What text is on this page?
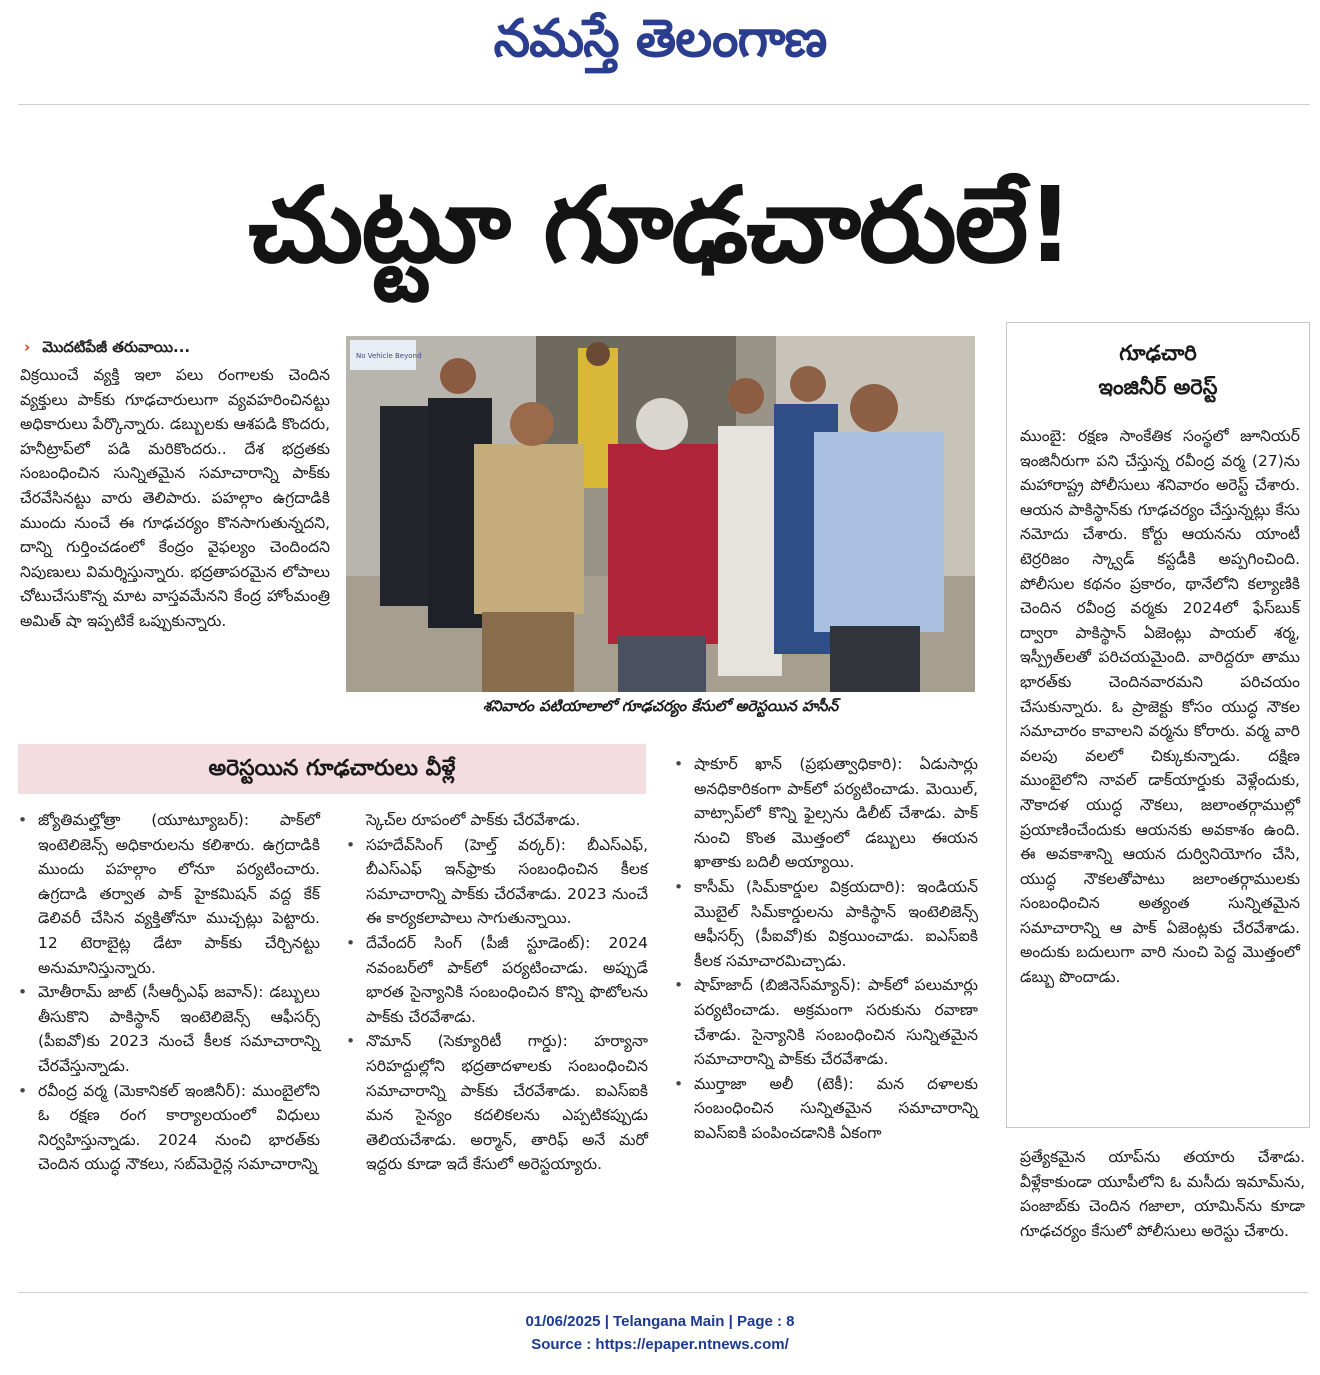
నమస్తే తెలంగాణ
చుట్టూ గూఢచారులే!
› మొదటిపేజీ తరువాయి...
విక్రయించే వ్యక్తి ఇలా పలు రంగాలకు చెందిన వ్యక్తులు పాక్‌కు గూఢచారులుగా వ్యవహరించినట్టు అధికారులు పేర్కొన్నారు. డబ్బులకు ఆశపడి కొందరు, హనీట్రాప్‌లో పడి మరికొందరు.. దేశ భద్రతకు సంబంధించిన సున్నితమైన సమాచారాన్ని పాక్‌కు చేరవేసినట్టు వారు తెలిపారు. పహల్గాం ఉగ్రదాడికి ముందు నుంచే ఈ గూఢచర్యం కొనసాగుతున్నదని, దాన్ని గుర్తించడంలో కేంద్రం వైఫల్యం చెందిందని నిపుణులు విమర్శిస్తున్నారు. భద్రతాపరమైన లోపాలు చోటుచేసుకొన్న మాట వాస్తవమేనని కేంద్ర హోంమంత్రి అమిత్ షా ఇప్పటికే ఒప్పుకున్నారు.
No Vehicle Beyond
శనివారం పటియాలాలో గూఢచర్యం కేసులో అరెస్టయిన హసీన్
గూఢచారి
ఇంజినీర్ అరెస్ట్
ముంబై: రక్షణ సాంకేతిక సంస్థలో జూనియర్ ఇంజినీరుగా పని చేస్తున్న రవీంద్ర వర్మ (27)ను మహారాష్ట్ర పోలీసులు శనివారం అరెస్ట్ చేశారు. ఆయన పాకిస్థాన్‌కు గూఢచర్యం చేస్తున్నట్లు కేసు నమోదు చేశారు. కోర్టు ఆయనను యాంటీ టెర్రరిజం స్క్వాడ్ కస్టడీకి అప్పగించింది. పోలీసుల కథనం ప్రకారం, థానేలోని కల్యాణికి చెందిన రవీంద్ర వర్మకు 2024లో ఫేస్‌బుక్ ద్వారా పాకిస్థాన్ ఏజెంట్లు పాయల్ శర్మ, ఇస్ప్రీత్‌లతో పరిచయమైంది. వారిద్దరూ తాము భారత్‌కు చెందినవారమని పరిచయం చేసుకున్నారు. ఓ ప్రాజెక్టు కోసం యుద్ధ నౌకల సమాచారం కావాలని వర్మను కోరారు. వర్మ వారి వలపు వలలో చిక్కుకున్నాడు. దక్షిణ ముంబైలోని నావల్ డాక్‌యార్డుకు వెళ్లేందుకు, నౌకాదళ యుద్ధ నౌకలు, జలాంతర్గాముల్లో ప్రయాణించేందుకు ఆయనకు అవకాశం ఉంది. ఈ అవకాశాన్ని ఆయన దుర్వినియోగం చేసి, యుద్ధ నౌకలతోపాటు జలాంతర్గాములకు సంబంధించిన అత్యంత సున్నితమైన సమాచారాన్ని ఆ పాక్ ఏజెంట్లకు చేరవేశాడు. అందుకు బదులుగా వారి నుంచి పెద్ద మొత్తంలో డబ్బు పొందాడు.
ప్రత్యేకమైన యాప్‌ను తయారు చేశాడు. వీళ్లేకాకుండా యూపీలోని ఓ మసీదు ఇమామ్‌ను, పంజాబ్‌కు చెందిన గజాలా, యామిన్‌ను కూడా గూఢచర్యం కేసులో పోలీసులు అరెస్టు చేశారు.
అరెస్టయిన గూఢచారులు వీళ్లే
• జ్యోతిమల్హోత్రా (యూట్యూబర్): పాక్‌లో ఇంటెలిజెన్స్ అధికారులను కలిశారు. ఉగ్రదాడికి ముందు పహల్గాం లోనూ పర్యటించారు. ఉగ్రదాడి తర్వాత పాక్ హైకమిషన్ వద్ద కేక్ డెలివరీ చేసిన వ్యక్తితోనూ ముచ్చట్లు పెట్టారు. 12 టెరాబైట్ల డేటా పాక్‌కు చేర్చినట్టు అనుమానిస్తున్నారు.
• మోతీరామ్ జాట్ (సీఆర్పీఎఫ్ జవాన్): డబ్బులు తీసుకొని పాకిస్థాన్ ఇంటెలిజెన్స్ ఆఫీసర్స్ (పీఐవో)కు 2023 నుంచే కీలక సమాచారాన్ని చేరవేస్తున్నాడు.
• రవీంద్ర వర్మ (మెకానికల్ ఇంజినీర్): ముంబైలోని ఓ రక్షణ రంగ కార్యాలయంలో విధులు నిర్వహిస్తున్నాడు. 2024 నుంచి భారత్‌కు చెందిన యుద్ధ నౌకలు, సబ్‌మెరైన్ల సమాచారాన్ని
స్కెచ్‌ల రూపంలో పాక్‌కు చేరవేశాడు.
• సహదేవ్‌సింగ్ (హెల్త్ వర్కర్): బీఎస్ఎఫ్, బీఎస్ఎఫ్ ఇన్‌ఫ్రాకు సంబంధించిన కీలక సమాచారాన్ని పాక్‌కు చేరవేశాడు. 2023 నుంచే ఈ కార్యకలాపాలు సాగుతున్నాయి.
• దేవేందర్ సింగ్ (పీజీ స్టూడెంట్): 2024 నవంబర్‌లో పాక్‌లో పర్యటించాడు. అప్పుడే భారత సైన్యానికి సంబంధించిన కొన్ని ఫొటోలను పాక్‌కు చేరవేశాడు.
• నొమాన్ (సెక్యూరిటీ గార్డు): హర్యానా సరిహద్దుల్లోని భద్రతాదళాలకు సంబంధించిన సమాచారాన్ని పాక్‌కు చేరవేశాడు. ఐఎస్ఐకి మన సైన్యం కదలికలను ఎప్పటికప్పుడు తెలియచేశాడు. అర్మాన్, తారిఫ్ అనే మరో ఇద్దరు కూడా ఇదే కేసులో అరెస్టయ్యారు.
• షాకూర్ ఖాన్ (ప్రభుత్వాధికారి): ఏడుసార్లు అనధికారికంగా పాక్‌లో పర్యటించాడు. మెయిల్, వాట్సాప్‌లో కొన్ని ఫైల్సను డిలీట్ చేశాడు. పాక్ నుంచి కొంత మొత్తంలో డబ్బులు ఈయన ఖాతాకు బదిలీ అయ్యాయి.
• కాసీమ్ (సిమ్‌కార్డుల విక్రయదారి): ఇండియన్ మొబైల్ సిమ్‌కార్డులను పాకిస్థాన్ ఇంటెలిజెన్స్ ఆఫీసర్స్ (పీఐవో)కు విక్రయించాడు. ఐఎస్ఐకి కీలక సమాచారమిచ్చాడు.
• షాహ్‌జాద్ (బిజినెస్‌మ్యాన్): పాక్‌లో పలుమార్లు పర్యటించాడు. అక్రమంగా సరుకును రవాణా చేశాడు. సైన్యానికి సంబంధించిన సున్నితమైన సమాచారాన్ని పాక్‌కు చేరవేశాడు.
• ముర్తాజా అలీ (టెకీ): మన దళాలకు సంబంధించిన సున్నితమైన సమాచారాన్ని ఐఎస్ఐకి పంపించడానికి ఏకంగా
01/06/2025 | Telangana Main | Page : 8
Source : https://epaper.ntnews.com/
